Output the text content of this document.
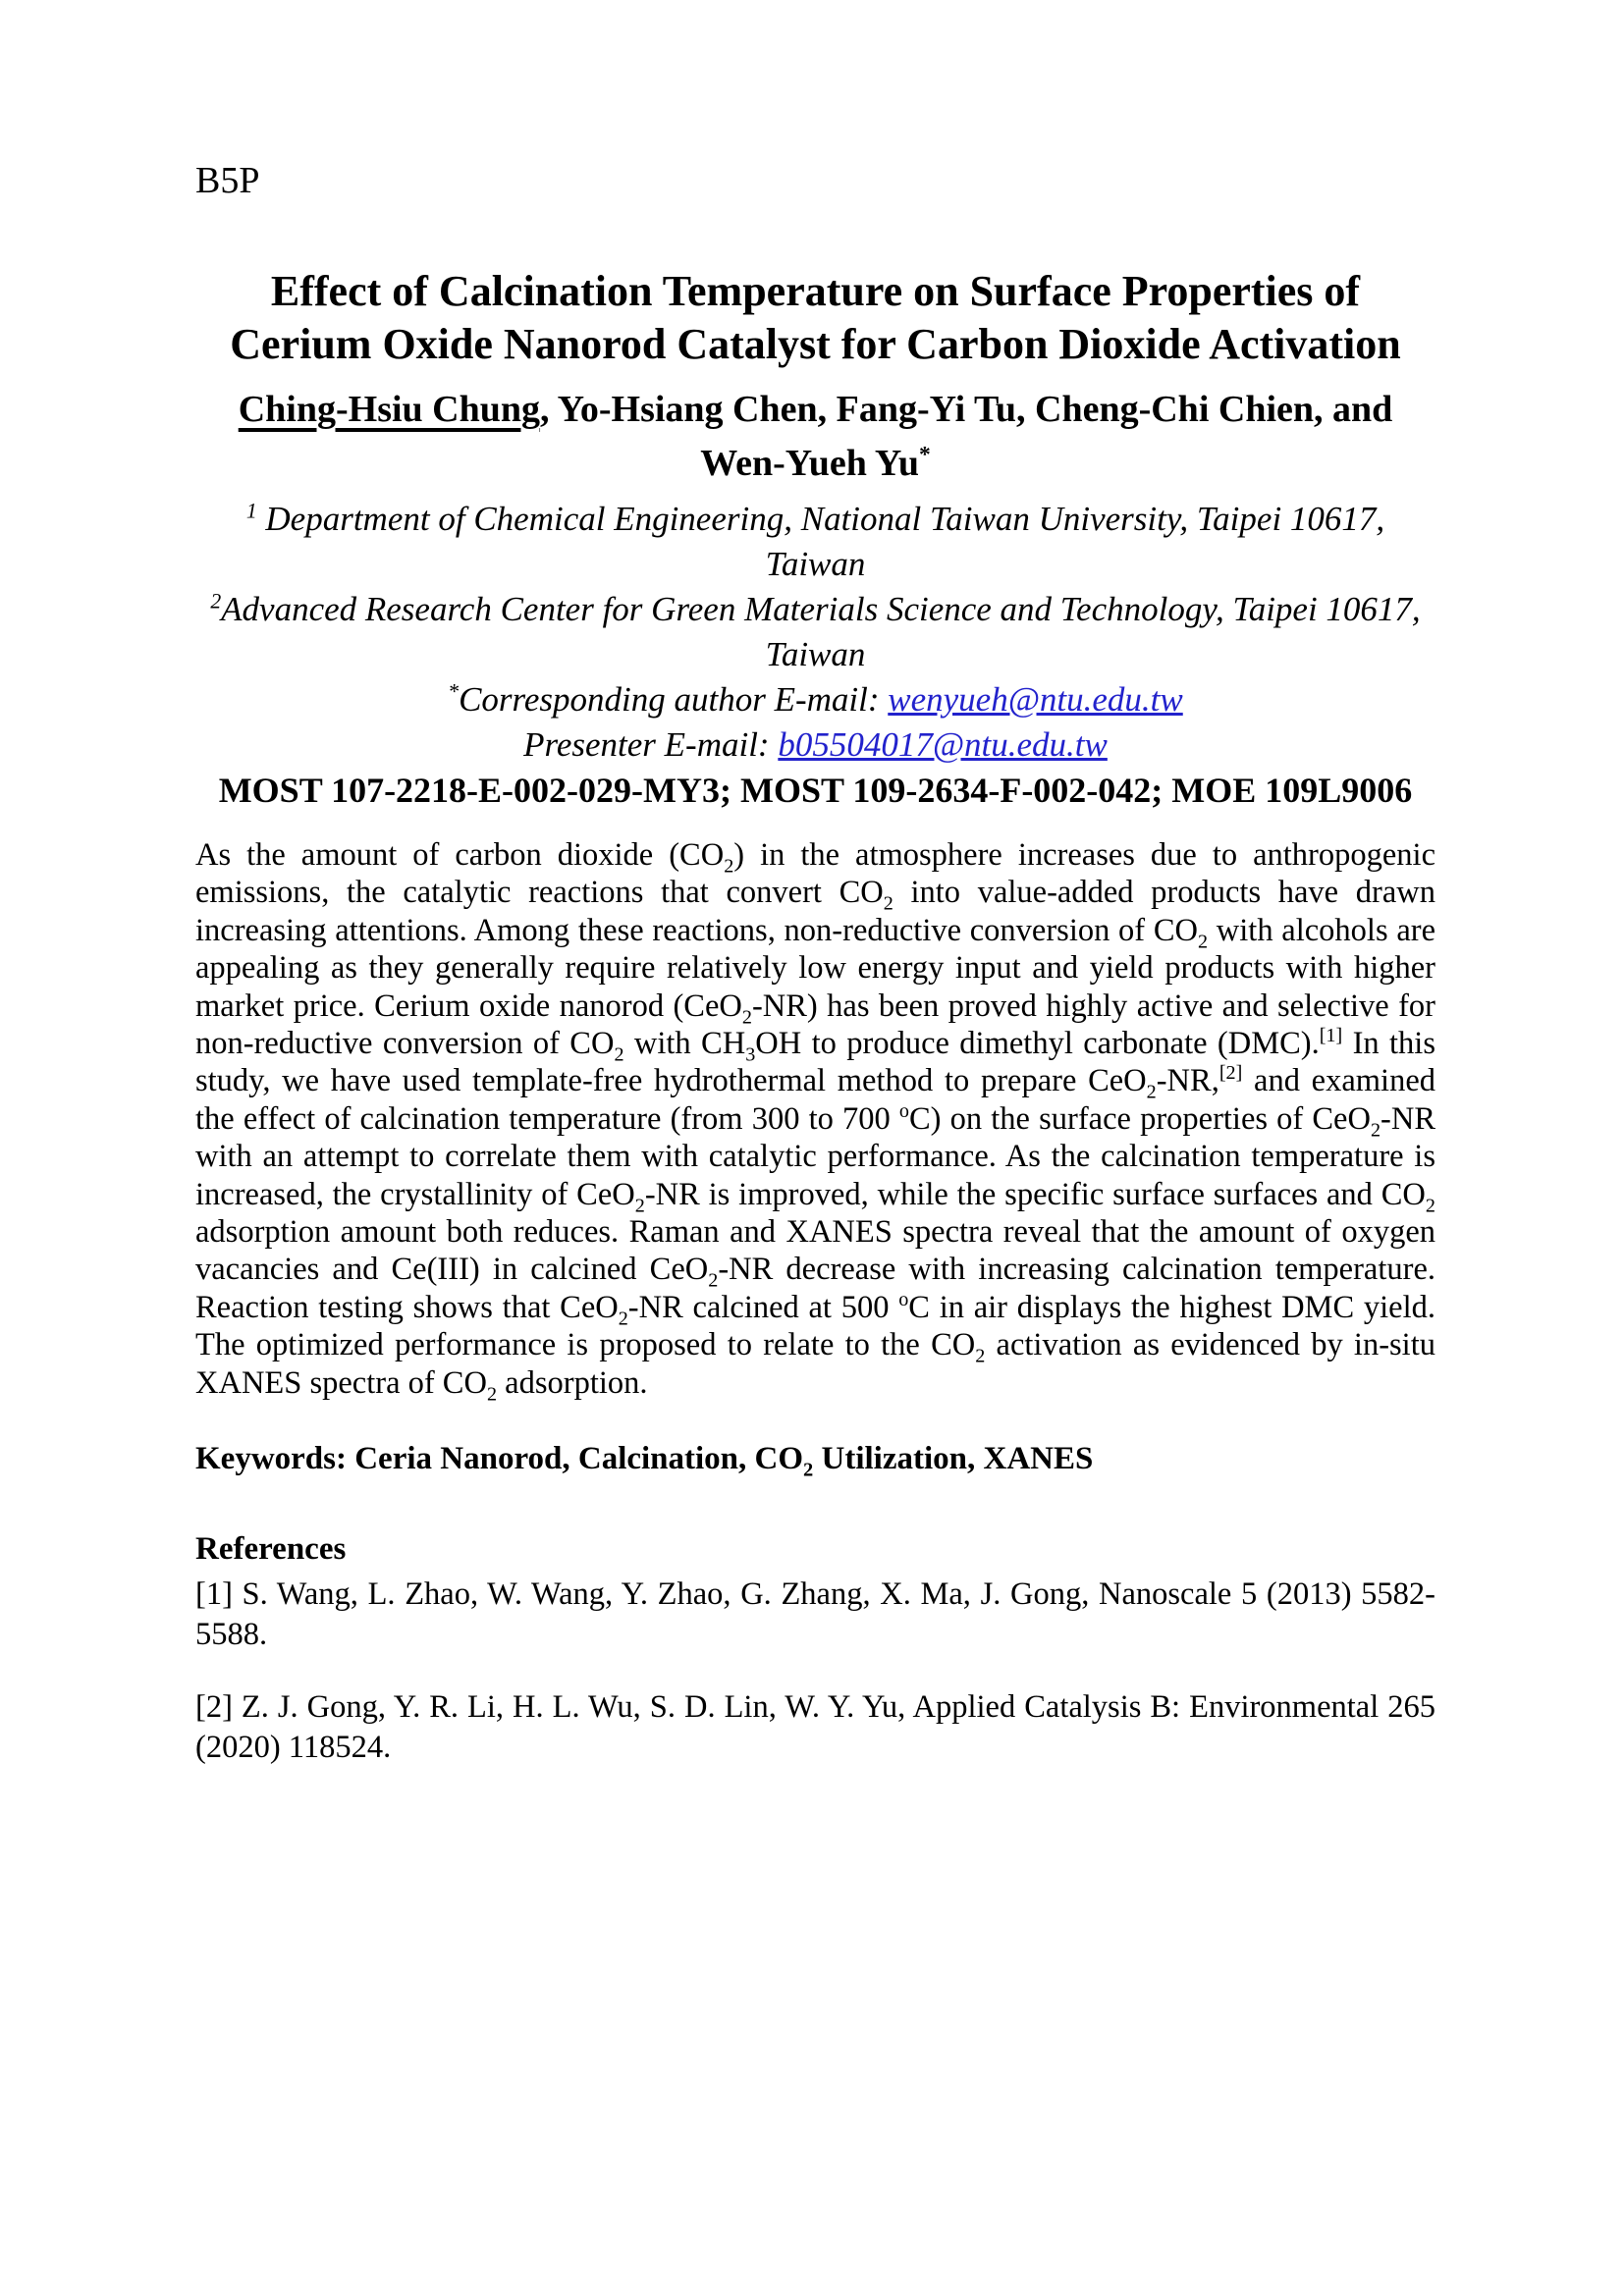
B5P
Effect of Calcination Temperature on Surface Properties of
Cerium Oxide Nanorod Catalyst for Carbon Dioxide Activation
Ching-Hsiu Chung, Yo-Hsiang Chen, Fang-Yi Tu, Cheng-Chi Chien, and
Wen-Yueh Yu*
$^1$ Department of Chemical Engineering, National Taiwan University, Taipei 10617, Taiwan
$^2$Advanced Research Center for Green Materials Science and Technology, Taipei 10617,
Taiwan
*Corresponding author E-mail: wenyueh@ntu.edu.tw
Presenter E-mail: b05504017@ntu.edu.tw
MOST 107-2218-E-002-029-MY3; MOST 109-2634-F-002-042; MOE 109L9006

As the amount of carbon dioxide $(CO_2)$ in the atmosphere increases due to anthropogenic emissions, the catalytic reactions that convert $CO_2$ into value-added products have drawn increasing attentions. Among these reactions, non-reductive conversion of $CO_2$ with alcohols are appealing as they generally require relatively low energy input and yield products with higher market price. Cerium oxide nanorod (CeO$_2$-NR) has been proved highly active and selective for non-reductive conversion of $CO_2$ with $CH_3OH$ to produce dimethyl carbonate (DMC).[1] In this study, we have used template-free hydrothermal method to prepare CeO$_2$-NR,[2] and examined the effect of calcination temperature (from 300 to 700 $^o$C) on the surface properties of CeO$_2$-NR with an attempt to correlate them with catalytic performance. As the calcination temperature is increased, the crystallinity of CeO$_2$-NR is improved, while the specific surface surfaces and $CO_2$ adsorption amount both reduces. Raman and XANES spectra reveal that the amount of oxygen vacancies and Ce(III) in calcined CeO$_2$-NR decrease with increasing calcination temperature. Reaction testing shows that CeO$_2$-NR calcined at 500 $^o$C in air displays the highest DMC yield. The optimized performance is proposed to relate to the $CO_2$ activation as evidenced by in-situ XANES spectra of $CO_2$ adsorption.

Keywords: Ceria Nanorod, Calcination, $CO_2$ Utilization, XANES
References

[1] S. Wang, L. Zhao, W. Wang, Y. Zhao, G. Zhang, X. Ma, J. Gong, Nanoscale 5 (2013) 5582-5588.

[2] Z. J. Gong, Y. R. Li, H. L. Wu, S. D. Lin, W. Y. Yu, Applied Catalysis B: Environmental 265 (2020) 118524.
